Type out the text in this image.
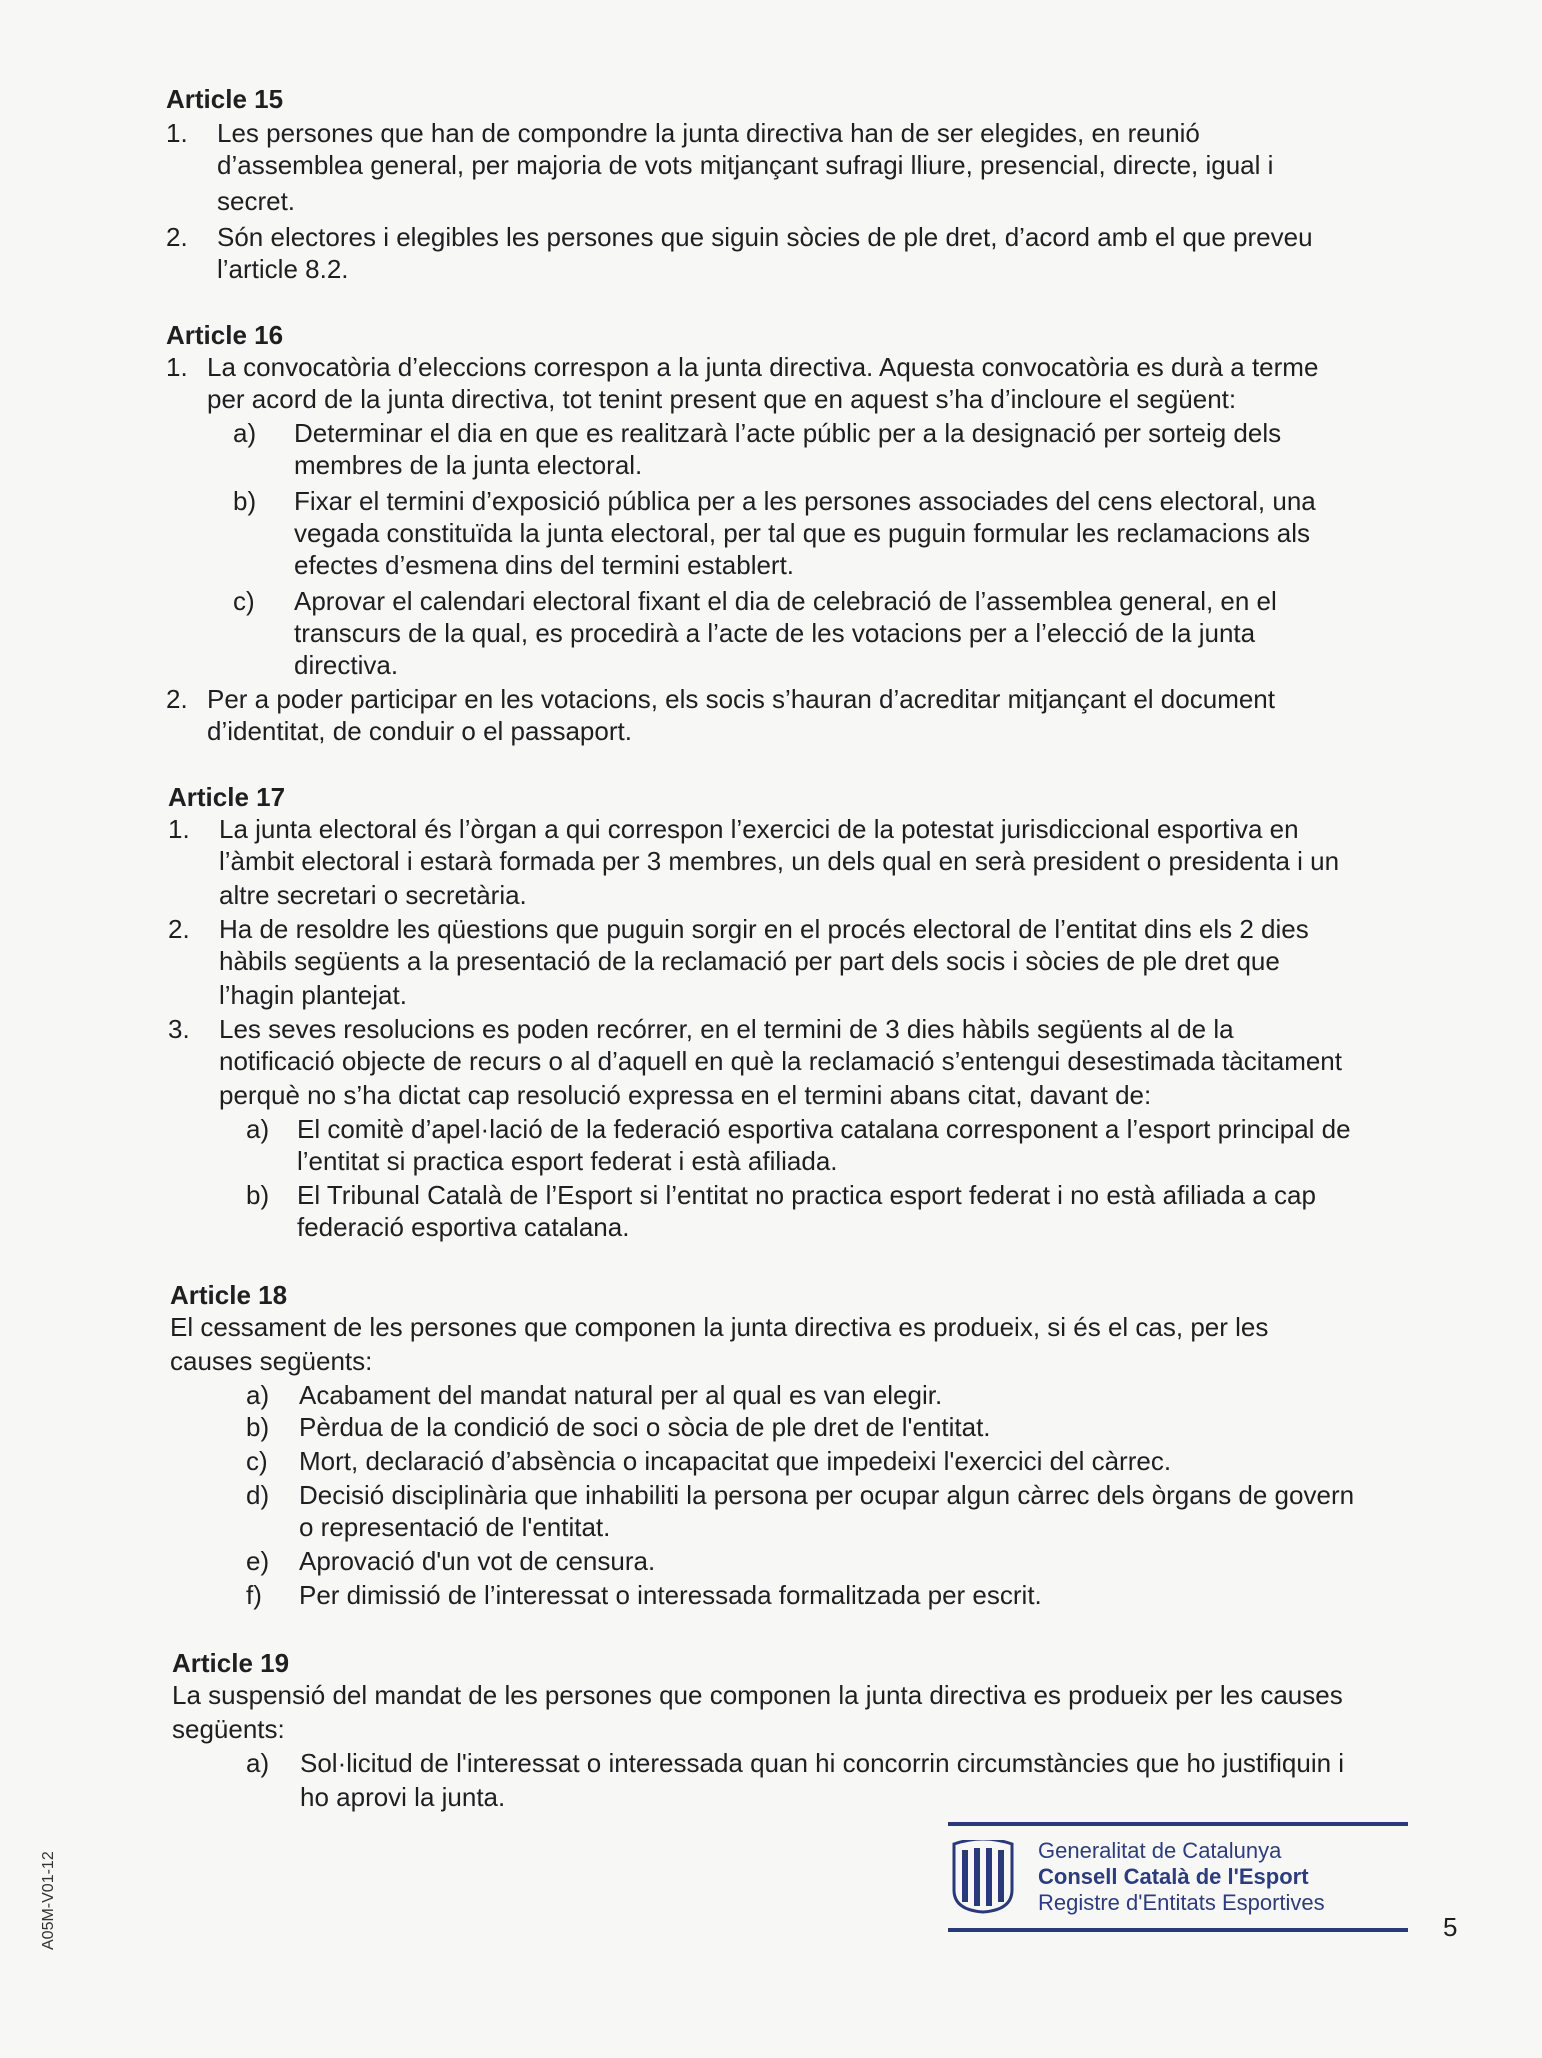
Article 15
1. Les persones que han de compondre la junta directiva han de ser elegides, en reunió
d’assemblea general, per majoria de vots mitjançant sufragi lliure, presencial, directe, igual i
secret.
2. Són electores i elegibles les persones que siguin sòcies de ple dret, d’acord amb el que preveu
l’article 8.2.
Article 16
1. La convocatòria d’eleccions correspon a la junta directiva. Aquesta convocatòria es durà a terme
per acord de la junta directiva, tot tenint present que en aquest s’ha d’incloure el següent:
a) Determinar el dia en que es realitzarà l’acte públic per a la designació per sorteig dels
membres de la junta electoral.
b) Fixar el termini d’exposició pública per a les persones associades del cens electoral, una
vegada constituïda la junta electoral, per tal que es puguin formular les reclamacions als
efectes d’esmena dins del termini establert.
c) Aprovar el calendari electoral fixant el dia de celebració de l’assemblea general, en el
transcurs de la qual, es procedirà a l’acte de les votacions per a l’elecció de la junta
directiva.
2. Per a poder participar en les votacions, els socis s’hauran d’acreditar mitjançant el document
d’identitat, de conduir o el passaport.
Article 17
1. La junta electoral és l’òrgan a qui correspon l’exercici de la potestat jurisdiccional esportiva en
l’àmbit electoral i estarà formada per 3 membres, un dels qual en serà president o presidenta i un
altre secretari o secretària.
2. Ha de resoldre les qüestions que puguin sorgir en el procés electoral de l’entitat dins els 2 dies
hàbils següents a la presentació de la reclamació per part dels socis i sòcies de ple dret que
l’hagin plantejat.
3. Les seves resolucions es poden recórrer, en el termini de 3 dies hàbils següents al de la
notificació objecte de recurs o al d’aquell en què la reclamació s’entengui desestimada tàcitament
perquè no s’ha dictat cap resolució expressa en el termini abans citat, davant de:
a) El comitè d’apel·lació de la federació esportiva catalana corresponent a l’esport principal de
l’entitat si practica esport federat i està afiliada.
b) El Tribunal Català de l’Esport si l’entitat no practica esport federat i no està afiliada a cap
federació esportiva catalana.
Article 18
El cessament de les persones que componen la junta directiva es produeix, si és el cas, per les
causes següents:
a) Acabament del mandat natural per al qual es van elegir.
b) Pèrdua de la condició de soci o sòcia de ple dret de l'entitat.
c) Mort, declaració d’absència o incapacitat que impedeixi l'exercici del càrrec.
d) Decisió disciplinària que inhabiliti la persona per ocupar algun càrrec dels òrgans de govern
o representació de l'entitat.
e) Aprovació d'un vot de censura.
f) Per dimissió de l’interessat o interessada formalitzada per escrit.
Article 19
La suspensió del mandat de les persones que componen la junta directiva es produeix per les causes
següents:
a) Sol·licitud de l'interessat o interessada quan hi concorrin circumstàncies que ho justifiquin i
ho aprovi la junta.
Generalitat de Catalunya
Consell Català de l'Esport
Registre d'Entitats Esportives
5
A05M-V01-12
